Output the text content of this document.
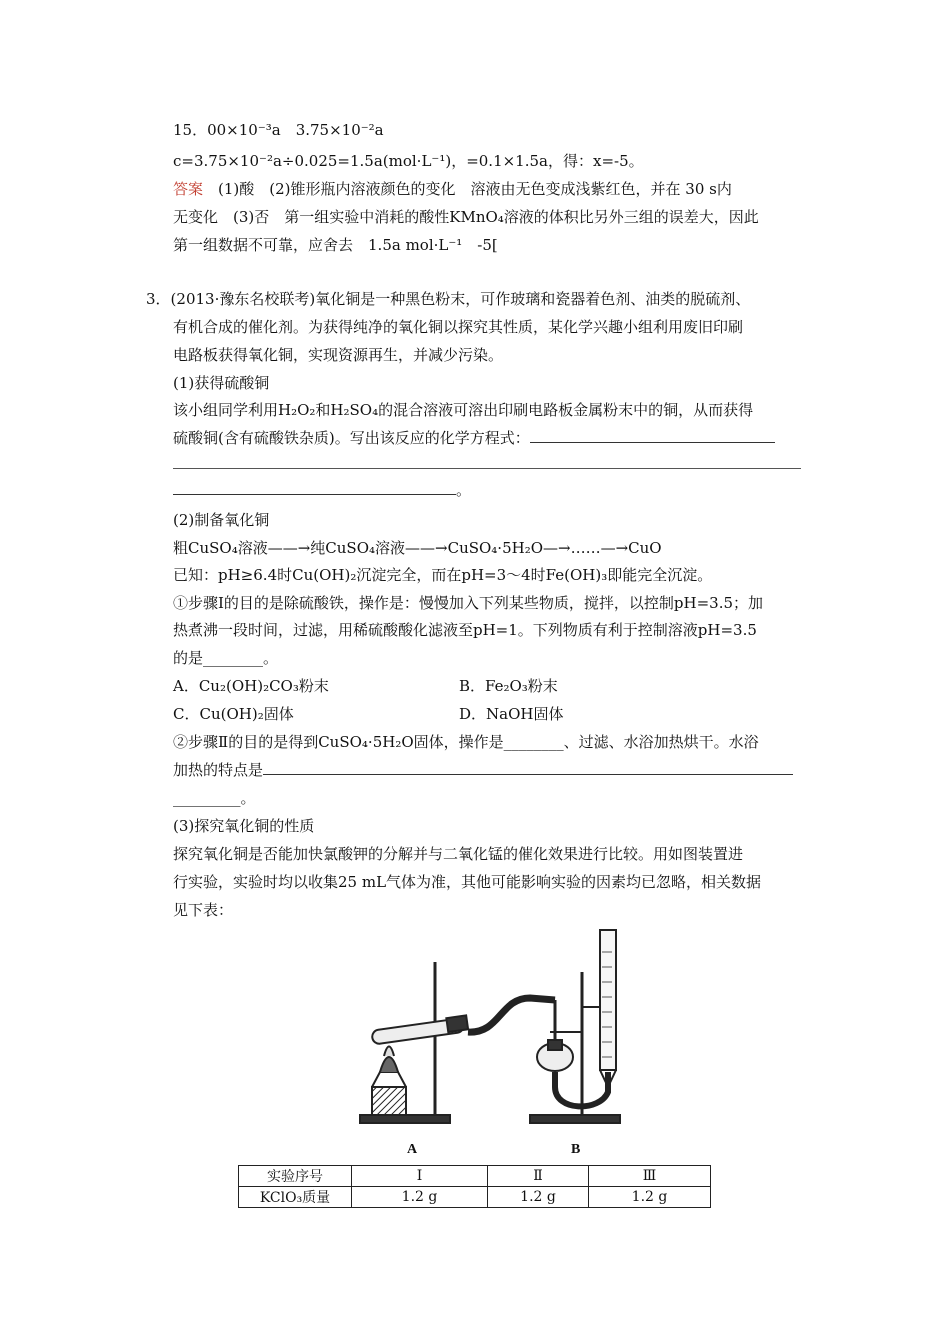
15．00×10⁻³a　3.75×10⁻²a
c=3.75×10⁻²a÷0.025=1.5a(mol·L⁻¹)，=0.1×1.5a，得：x=-5。
答案　(1)酸　(2)锥形瓶内溶液颜色的变化　溶液由无色变成浅紫红色，并在 30 s内
无变化　(3)否　第一组实验中消耗的酸性KMnO₄溶液的体积比另外三组的误差大，因此
第一组数据不可靠，应舍去　1.5a mol·L⁻¹　-5[
3．(2013·豫东名校联考)氧化铜是一种黑色粉末，可作玻璃和瓷器着色剂、油类的脱硫剂、
有机合成的催化剂。为获得纯净的氧化铜以探究其性质，某化学兴趣小组利用废旧印刷
电路板获得氧化铜，实现资源再生，并减少污染。
(1)获得硫酸铜
该小组同学利用H₂O₂和H₂SO₄的混合溶液可溶出印刷电路板金属粉末中的铜，从而获得
硫酸铜(含有硫酸铁杂质)。写出该反应的化学方程式：
。
(2)制备氧化铜
粗CuSO₄溶液——→纯CuSO₄溶液——→CuSO₄·5H₂O—→……—→CuO
已知：pH≥6.4时Cu(OH)₂沉淀完全，而在pH=3～4时Fe(OH)₃即能完全沉淀。
①步骤Ⅰ的目的是除硫酸铁，操作是：慢慢加入下列某些物质，搅拌，以控制pH=3.5；加
热煮沸一段时间，过滤，用稀硫酸酸化滤液至pH=1。下列物质有利于控制溶液pH=3.5
的是________。
A．Cu₂(OH)₂CO₃粉末	B．Fe₂O₃粉末
C．Cu(OH)₂固体	D．NaOH固体
②步骤Ⅱ的目的是得到CuSO₄·5H₂O固体，操作是________、过滤、水浴加热烘干。水浴
加热的特点是
_________。
(3)探究氧化铜的性质
探究氧化铜是否能加快氯酸钾的分解并与二氧化锰的催化效果进行比较。用如图装置进
行实验，实验时均以收集25 mL气体为准，其他可能影响实验的因素均已忽略，相关数据
见下表：
A	B
实验序号	Ⅰ	Ⅱ	Ⅲ
KClO₃质量	1.2 g	1.2 g	1.2 g
